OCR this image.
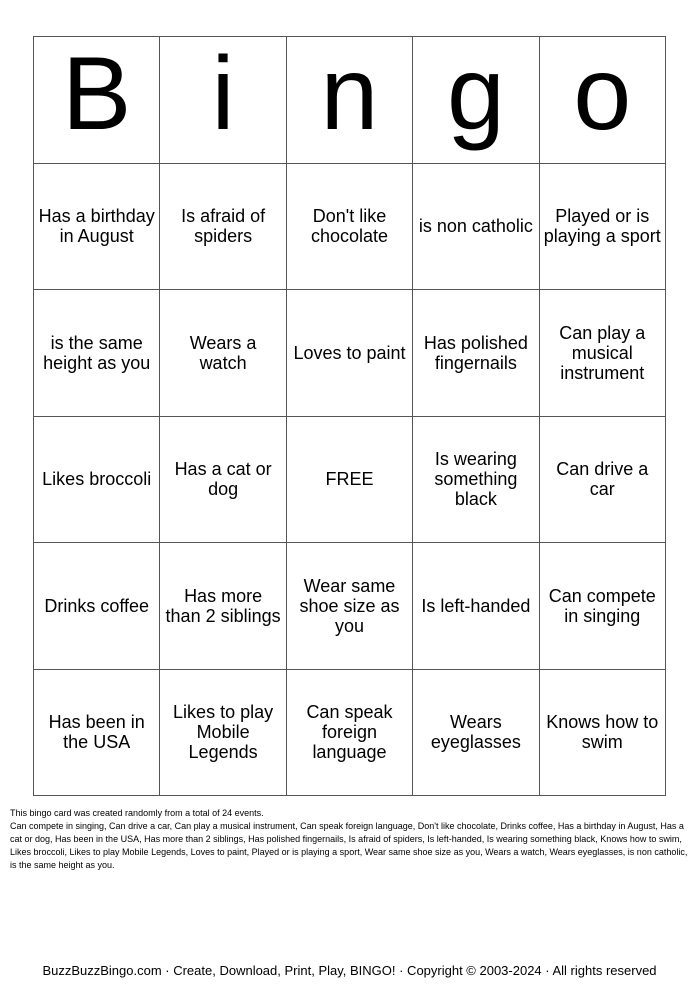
B	i	n	g	o
Has a birthday in August	Is afraid of spiders	Don't like chocolate	is non catholic	Played or is playing a sport
is the same height as you	Wears a watch	Loves to paint	Has polished fingernails	Can play a musical instrument
Likes broccoli	Has a cat or dog	FREE	Is wearing something black	Can drive a car
Drinks coffee	Has more than 2 siblings	Wear same shoe size as you	Is left-handed	Can compete in singing
Has been in the USA	Likes to play Mobile Legends	Can speak foreign language	Wears eyeglasses	Knows how to swim

This bingo card was created randomly from a total of 24 events.

Can compete in singing, Can drive a car, Can play a musical instrument, Can speak foreign language, Don't like chocolate, Drinks coffee, Has a birthday in August, Has a cat or dog, Has been in the USA, Has more than 2 siblings, Has polished fingernails, Is afraid of spiders, Is left-handed, Is wearing something black, Knows how to swim, Likes broccoli, Likes to play Mobile Legends, Loves to paint, Played or is playing a sport, Wear same shoe size as you, Wears a watch, Wears eyeglasses, is non catholic, is the same height as you.

BuzzBuzzBingo.com · Create, Download, Print, Play, BINGO! · Copyright © 2003-2024 · All rights reserved
